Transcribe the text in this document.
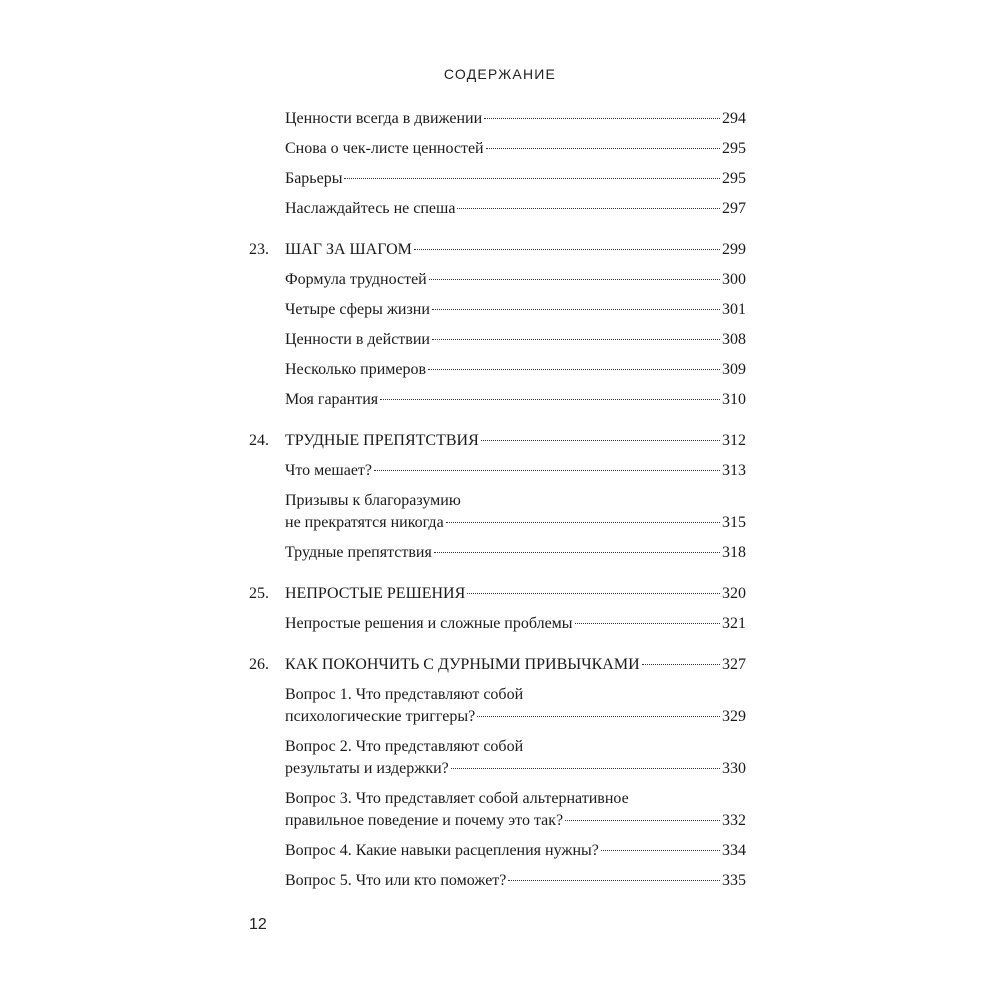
СОДЕРЖАНИЕ
Ценности всегда в движении	294
Снова о чек-листе ценностей	295
Барьеры	295
Наслаждайтесь не спеша	297
23.	ШАГ ЗА ШАГОМ	299
Формула трудностей	300
Четыре сферы жизни	301
Ценности в действии	308
Несколько примеров	309
Моя гарантия	310
24.	ТРУДНЫЕ ПРЕПЯТСТВИЯ	312
Что мешает?	313
Призывы к благоразумию
не прекратятся никогда	315
Трудные препятствия	318
25.	НЕПРОСТЫЕ РЕШЕНИЯ	320
Непростые решения и сложные проблемы	321
26.	КАК ПОКОНЧИТЬ С ДУРНЫМИ ПРИВЫЧКАМИ	327
Вопрос 1. Что представляют собой
психологические триггеры?	329
Вопрос 2. Что представляют собой
результаты и издержки?	330
Вопрос 3. Что представляет собой альтернативное
правильное поведение и почему это так?	332
Вопрос 4. Какие навыки расцепления нужны?	334
Вопрос 5. Что или кто поможет?	335
12
